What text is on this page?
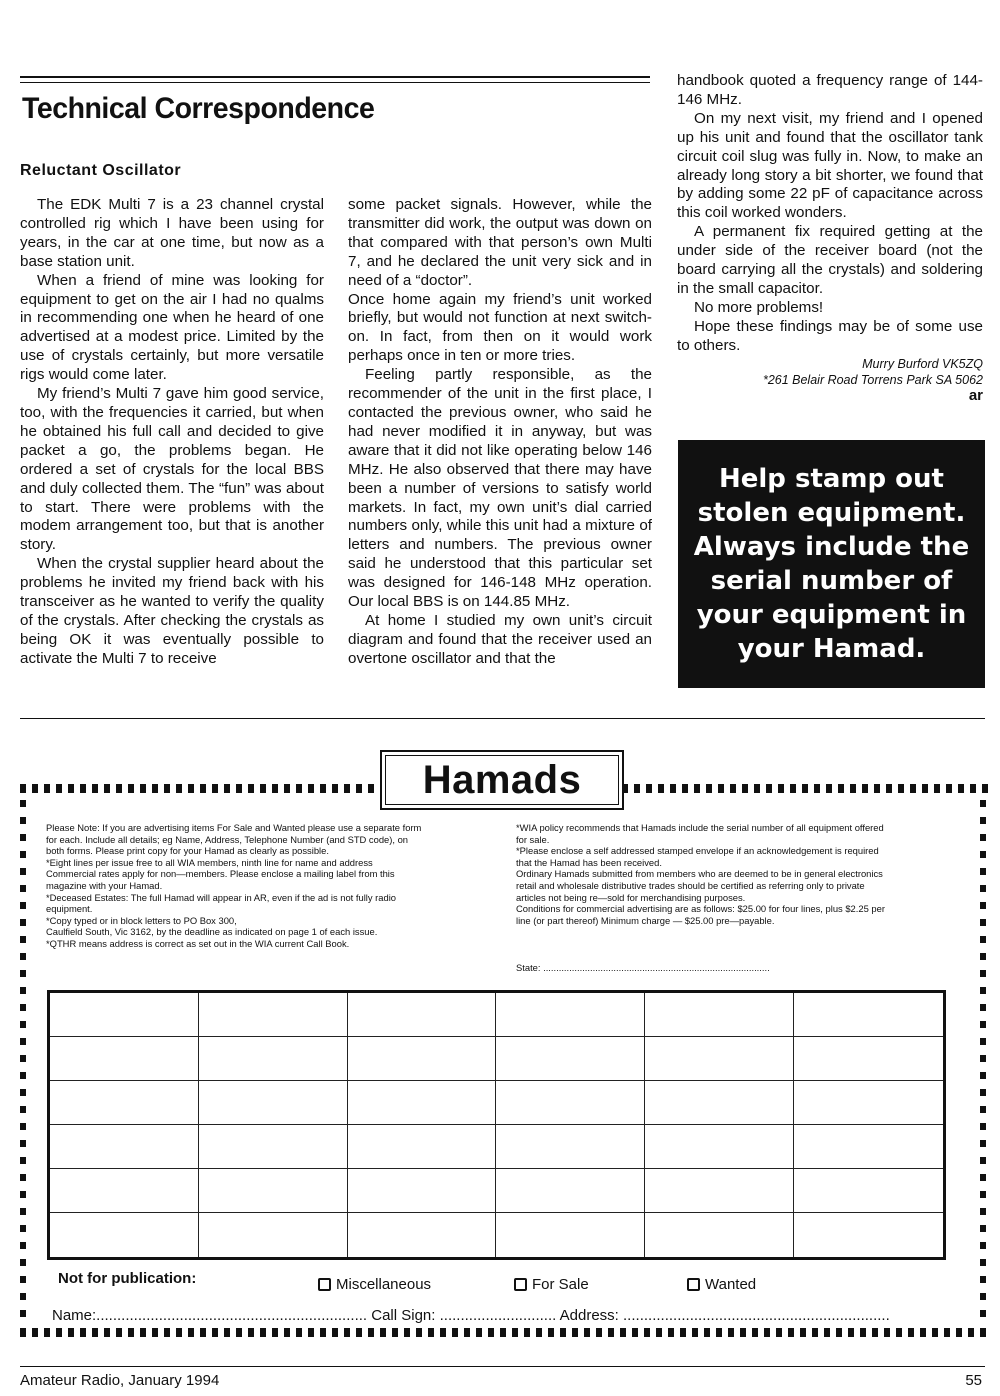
Technical Correspondence
Reluctant Oscillator

The EDK Multi 7 is a 23 channel crystal controlled rig which I have been using for years, in the car at one time, but now as a base station unit.

When a friend of mine was looking for equipment to get on the air I had no qualms in recommending one when he heard of one advertised at a modest price. Limited by the use of crystals certainly, but more versatile rigs would come later.

My friend’s Multi 7 gave him good service, too, with the frequencies it carried, but when he obtained his full call and decided to give packet a go, the problems began. He ordered a set of crystals for the local BBS and duly collected them. The “fun” was about to start. There were problems with the modem arrangement too, but that is another story.

When the crystal supplier heard about the problems he invited my friend back with his transceiver as he wanted to verify the quality of the crystals. After checking the crystals as being OK it was eventually possible to activate the Multi 7 to receive

some packet signals. However, while the transmitter did work, the output was down on that compared with that person’s own Multi 7, and he declared the unit very sick and in need of a “doctor”.

Once home again my friend’s unit worked briefly, but would not function at next switch-on. In fact, from then on it would work perhaps once in ten or more tries.

Feeling partly responsible, as the recommender of the unit in the first place, I contacted the previous owner, who said he had never modified it in anyway, but was aware that it did not like operating below 146 MHz. He also observed that there may have been a number of versions to satisfy world markets. In fact, my own unit’s dial carried numbers only, while this unit had a mixture of letters and numbers. The previous owner said he understood that this particular set was designed for 146-148 MHz operation. Our local BBS is on 144.85 MHz.

At home I studied my own unit’s circuit diagram and found that the receiver used an overtone oscillator and that the

handbook quoted a frequency range of 144-146 MHz.

On my next visit, my friend and I opened up his unit and found that the oscillator tank circuit coil slug was fully in. Now, to make an already long story a bit shorter, we found that by adding some 22 pF of capacitance across this coil worked wonders.

A permanent fix required getting at the under side of the receiver board (not the board carrying all the crystals) and soldering in the small capacitor.

No more problems!

Hope these findings may be of some use to others.

Murry Burford VK5ZQ
*261 Belair Road Torrens Park SA 5062
ar
Help stamp out
stolen equipment.
Always include the
serial number of
your equipment in
your Hamad.
Hamads
Please Note: If you are advertising items For Sale and Wanted please use a separate form
for each. Include all details; eg Name, Address, Telephone Number (and STD code), on
both forms. Please print copy for your Hamad as clearly as possible.
*Eight lines per issue free to all WIA members, ninth line for name and address
Commercial rates apply for non—members. Please enclose a mailing label from this
magazine with your Hamad.
*Deceased Estates: The full Hamad will appear in AR, even if the ad is not fully radio
equipment.
*Copy typed or in block letters to PO Box 300,
Caulfield South, Vic 3162, by the deadline as indicated on page 1 of each issue.
*QTHR means address is correct as set out in the WIA current Call Book.
*WIA policy recommends that Hamads include the serial number of all equipment offered
for sale.
*Please enclose a self addressed stamped envelope if an acknowledgement is required
that the Hamad has been received.
Ordinary Hamads submitted from members who are deemed to be in general electronics
retail and wholesale distributive trades should be certified as referring only to private
articles not being re—sold for merchandising purposes.
Conditions for commercial advertising are as follows: $25.00 for four lines, plus $2.25 per
line (or part thereof) Minimum charge — $25.00 pre—payable.
State: .......................................................................................
Not for publication:	Miscellaneous	For Sale	Wanted
Name:................................................................. Call Sign: ............................ Address: ................................................................
Amateur Radio, January 1994	55
